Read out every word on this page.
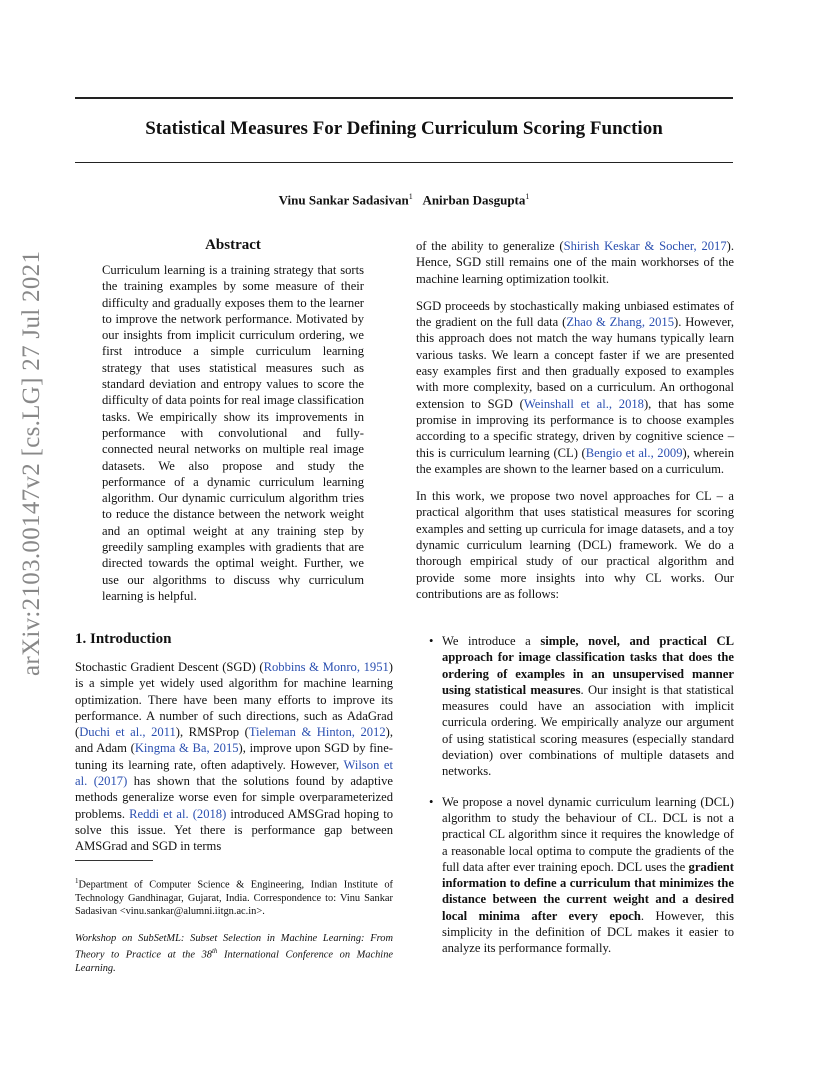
Statistical Measures For Defining Curriculum Scoring Function
Vinu Sankar Sadasivan$^1$ Anirban Dasgupta$^1$
arXiv:2103.00147v2 [cs.LG] 27 Jul 2021
Abstract
Curriculum learning is a training strategy that sorts the training examples by some measure of their difficulty and gradually exposes them to the learner to improve the network performance. Motivated by our insights from implicit curriculum ordering, we first introduce a simple curriculum learning strategy that uses statistical measures such as standard deviation and entropy values to score the difficulty of data points for real image classification tasks. We empirically show its improvements in performance with convolutional and fully-connected neural networks on multiple real image datasets. We also propose and study the performance of a dynamic curriculum learning algorithm. Our dynamic curriculum algorithm tries to reduce the distance between the network weight and an optimal weight at any training step by greedily sampling examples with gradients that are directed towards the optimal weight. Further, we use our algorithms to discuss why curriculum learning is helpful.
1. Introduction
Stochastic Gradient Descent (SGD) (Robbins & Monro, 1951) is a simple yet widely used algorithm for machine learning optimization. There have been many efforts to improve its performance. A number of such directions, such as AdaGrad (Duchi et al., 2011), RMSProp (Tieleman & Hinton, 2012), and Adam (Kingma & Ba, 2015), improve upon SGD by fine-tuning its learning rate, often adaptively. However, Wilson et al. (2017) has shown that the solutions found by adaptive methods generalize worse even for simple overparameterized problems. Reddi et al. (2018) introduced AMSGrad hoping to solve this issue. Yet there is performance gap between AMSGrad and SGD in terms
$^1$Department of Computer Science & Engineering, Indian Institute of Technology Gandhinagar, Gujarat, India. Correspondence to: Vinu Sankar Sadasivan <vinu.sankar@alumni.iitgn.ac.in>.
Workshop on SubSetML: Subset Selection in Machine Learning: From Theory to Practice at the 38th International Conference on Machine Learning.

of the ability to generalize (Shirish Keskar & Socher, 2017). Hence, SGD still remains one of the main workhorses of the machine learning optimization toolkit.

SGD proceeds by stochastically making unbiased estimates of the gradient on the full data (Zhao & Zhang, 2015). However, this approach does not match the way humans typically learn various tasks. We learn a concept faster if we are presented easy examples first and then gradually exposed to examples with more complexity, based on a curriculum. An orthogonal extension to SGD (Weinshall et al., 2018), that has some promise in improving its performance is to choose examples according to a specific strategy, driven by cognitive science – this is curriculum learning (CL) (Bengio et al., 2009), wherein the examples are shown to the learner based on a curriculum.

In this work, we propose two novel approaches for CL – a practical algorithm that uses statistical measures for scoring examples and setting up curricula for image datasets, and a toy dynamic curriculum learning (DCL) framework. We do a thorough empirical study of our practical algorithm and provide some more insights into why CL works. Our contributions are as follows:

• We introduce a simple, novel, and practical CL approach for image classification tasks that does the ordering of examples in an unsupervised manner using statistical measures. Our insight is that statistical measures could have an association with implicit curricula ordering. We empirically analyze our argument of using statistical scoring measures (especially standard deviation) over combinations of multiple datasets and networks.
• We propose a novel dynamic curriculum learning (DCL) algorithm to study the behaviour of CL. DCL is not a practical CL algorithm since it requires the knowledge of a reasonable local optima to compute the gradients of the full data after ever training epoch. DCL uses the gradient information to define a curriculum that minimizes the distance between the current weight and a desired local minima after every epoch. However, this simplicity in the definition of DCL makes it easier to analyze its performance formally.
